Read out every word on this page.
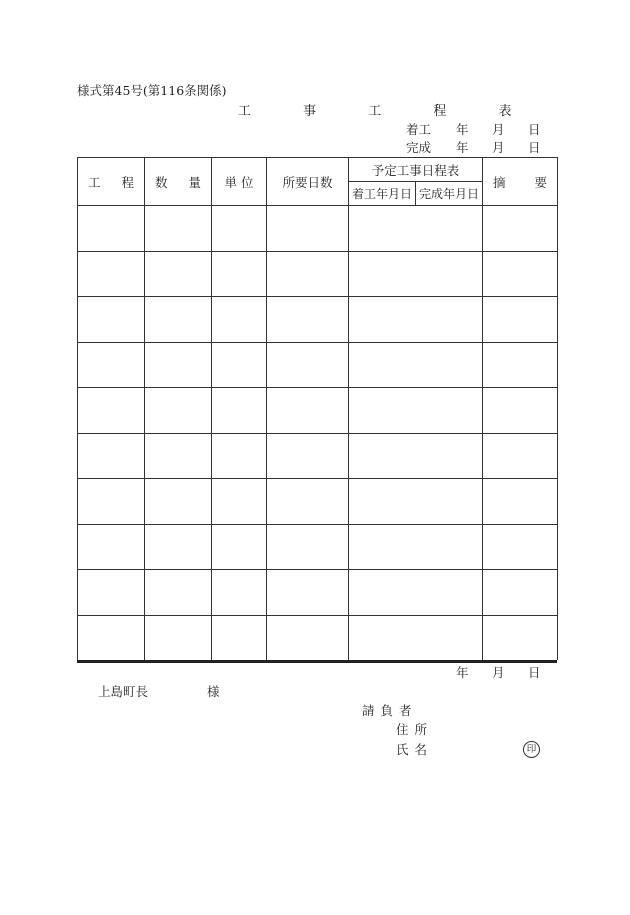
様式第45号(第116条関係)
工 事 工 程 表
着工 年 月 日
完成 年 月 日
工 程	数 量	単 位	所要日数	予定工事日程表		摘 要

				着工年月日	完成年月日	

年 月 日
上島町長	様
請負者
住所
氏名	印
